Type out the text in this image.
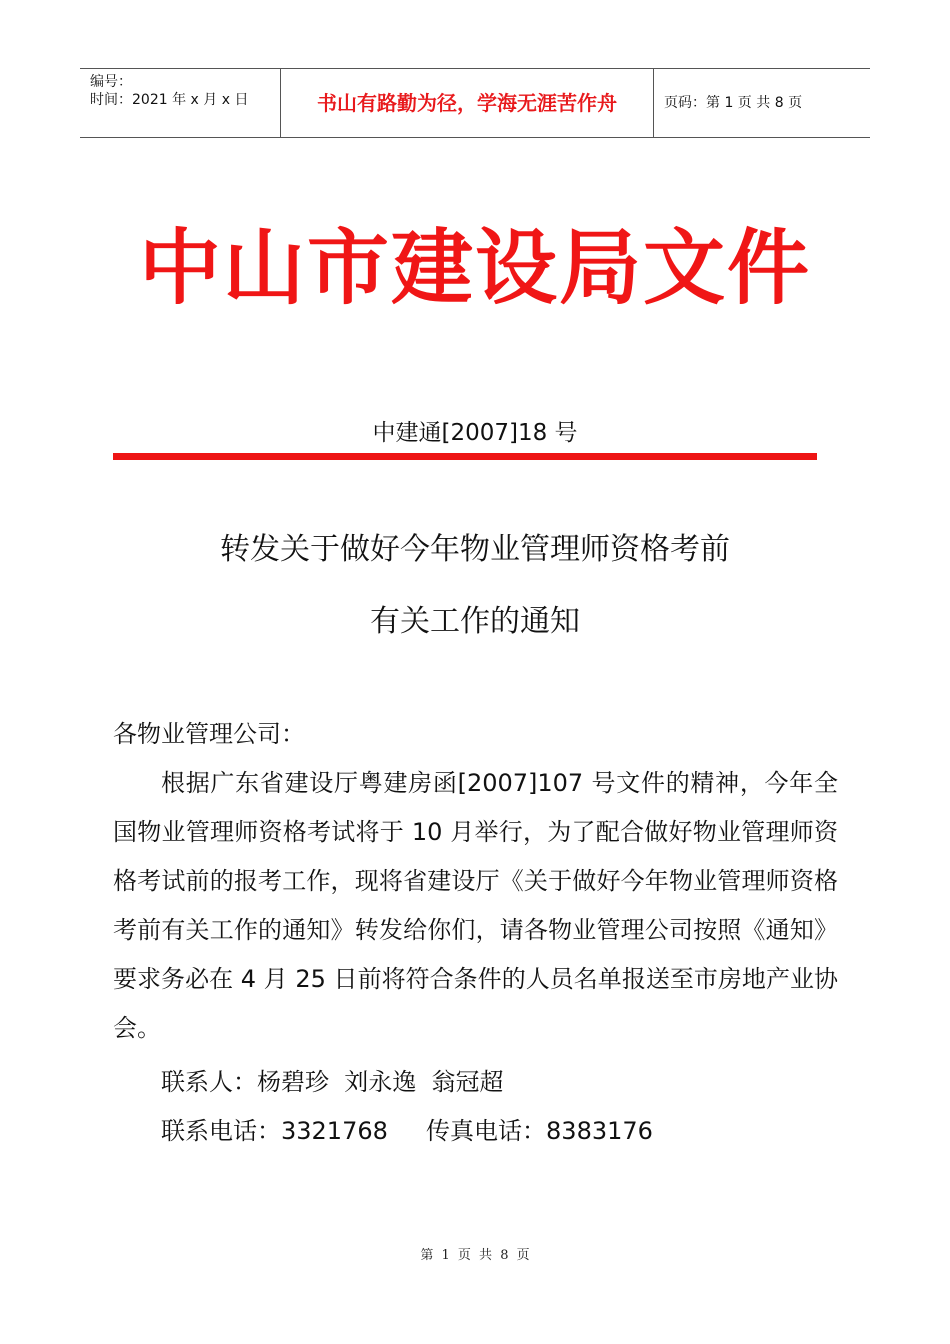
编号：
时间：2021 年 x 月 x 日	书山有路勤为径，学海无涯苦作舟	页码：第 1 页 共 8 页
中山市建设局文件
中建通[2007]18 号
转发关于做好今年物业管理师资格考前
有关工作的通知
各物业管理公司：
根据广东省建设厅粤建房函[2007]107 号文件的精神，今年全国物业管理师资格考试将于 10 月举行，为了配合做好物业管理师资格考试前的报考工作，现将省建设厅《关于做好今年物业管理师资格考前有关工作的通知》转发给你们，请各物业管理公司按照《通知》要求务必在 4 月 25 日前将符合条件的人员名单报送至市房地产业协会。
联系人：杨碧珍  刘永逸  翁冠超
联系电话：3321768     传真电话：8383176
第 1 页 共 8 页
